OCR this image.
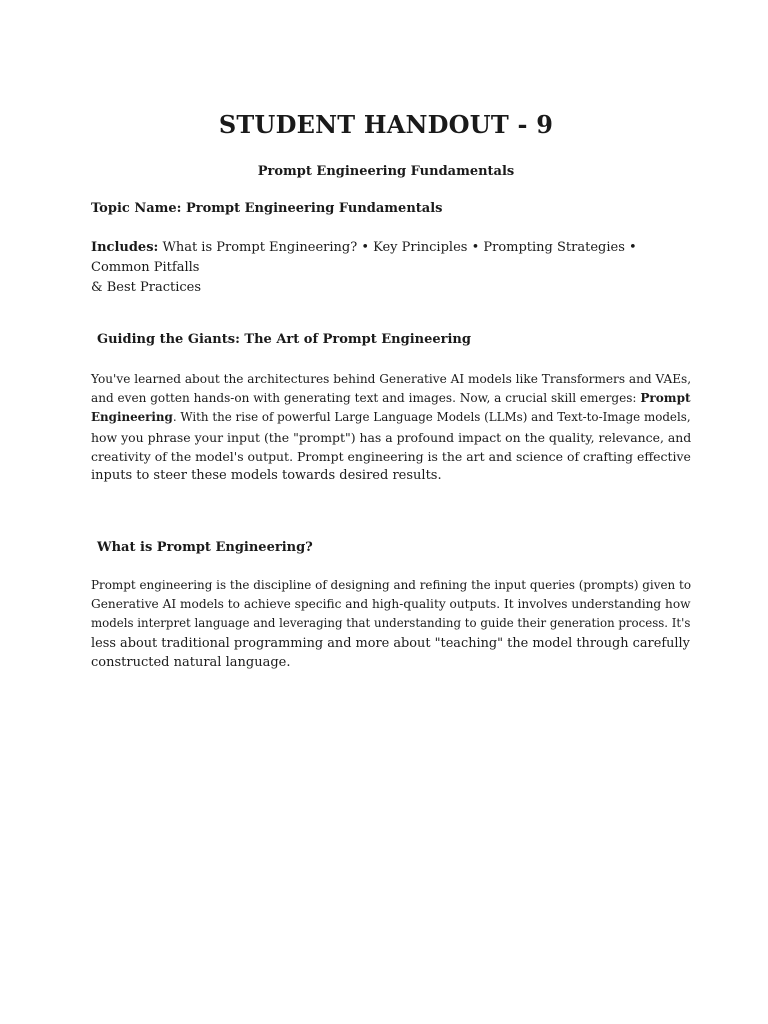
STUDENT HANDOUT - 9
Prompt Engineering Fundamentals
Topic Name: Prompt Engineering Fundamentals
Includes: What is Prompt Engineering? • Key Principles • Prompting Strategies • Common Pitfalls
& Best Practices
Guiding the Giants: The Art of Prompt Engineering
You've learned about the architectures behind Generative AI models like Transformers and VAEs,
and even gotten hands-on with generating text and images. Now, a crucial skill emerges: Prompt
Engineering. With the rise of powerful Large Language Models (LLMs) and Text-to-Image models,
how you phrase your input (the "prompt") has a profound impact on the quality, relevance, and
creativity of the model's output. Prompt engineering is the art and science of crafting effective
inputs to steer these models towards desired results.
What is Prompt Engineering?
Prompt engineering is the discipline of designing and refining the input queries (prompts) given to
Generative AI models to achieve specific and high-quality outputs. It involves understanding how
models interpret language and leveraging that understanding to guide their generation process. It's
less about traditional programming and more about "teaching" the model through carefully
constructed natural language.
